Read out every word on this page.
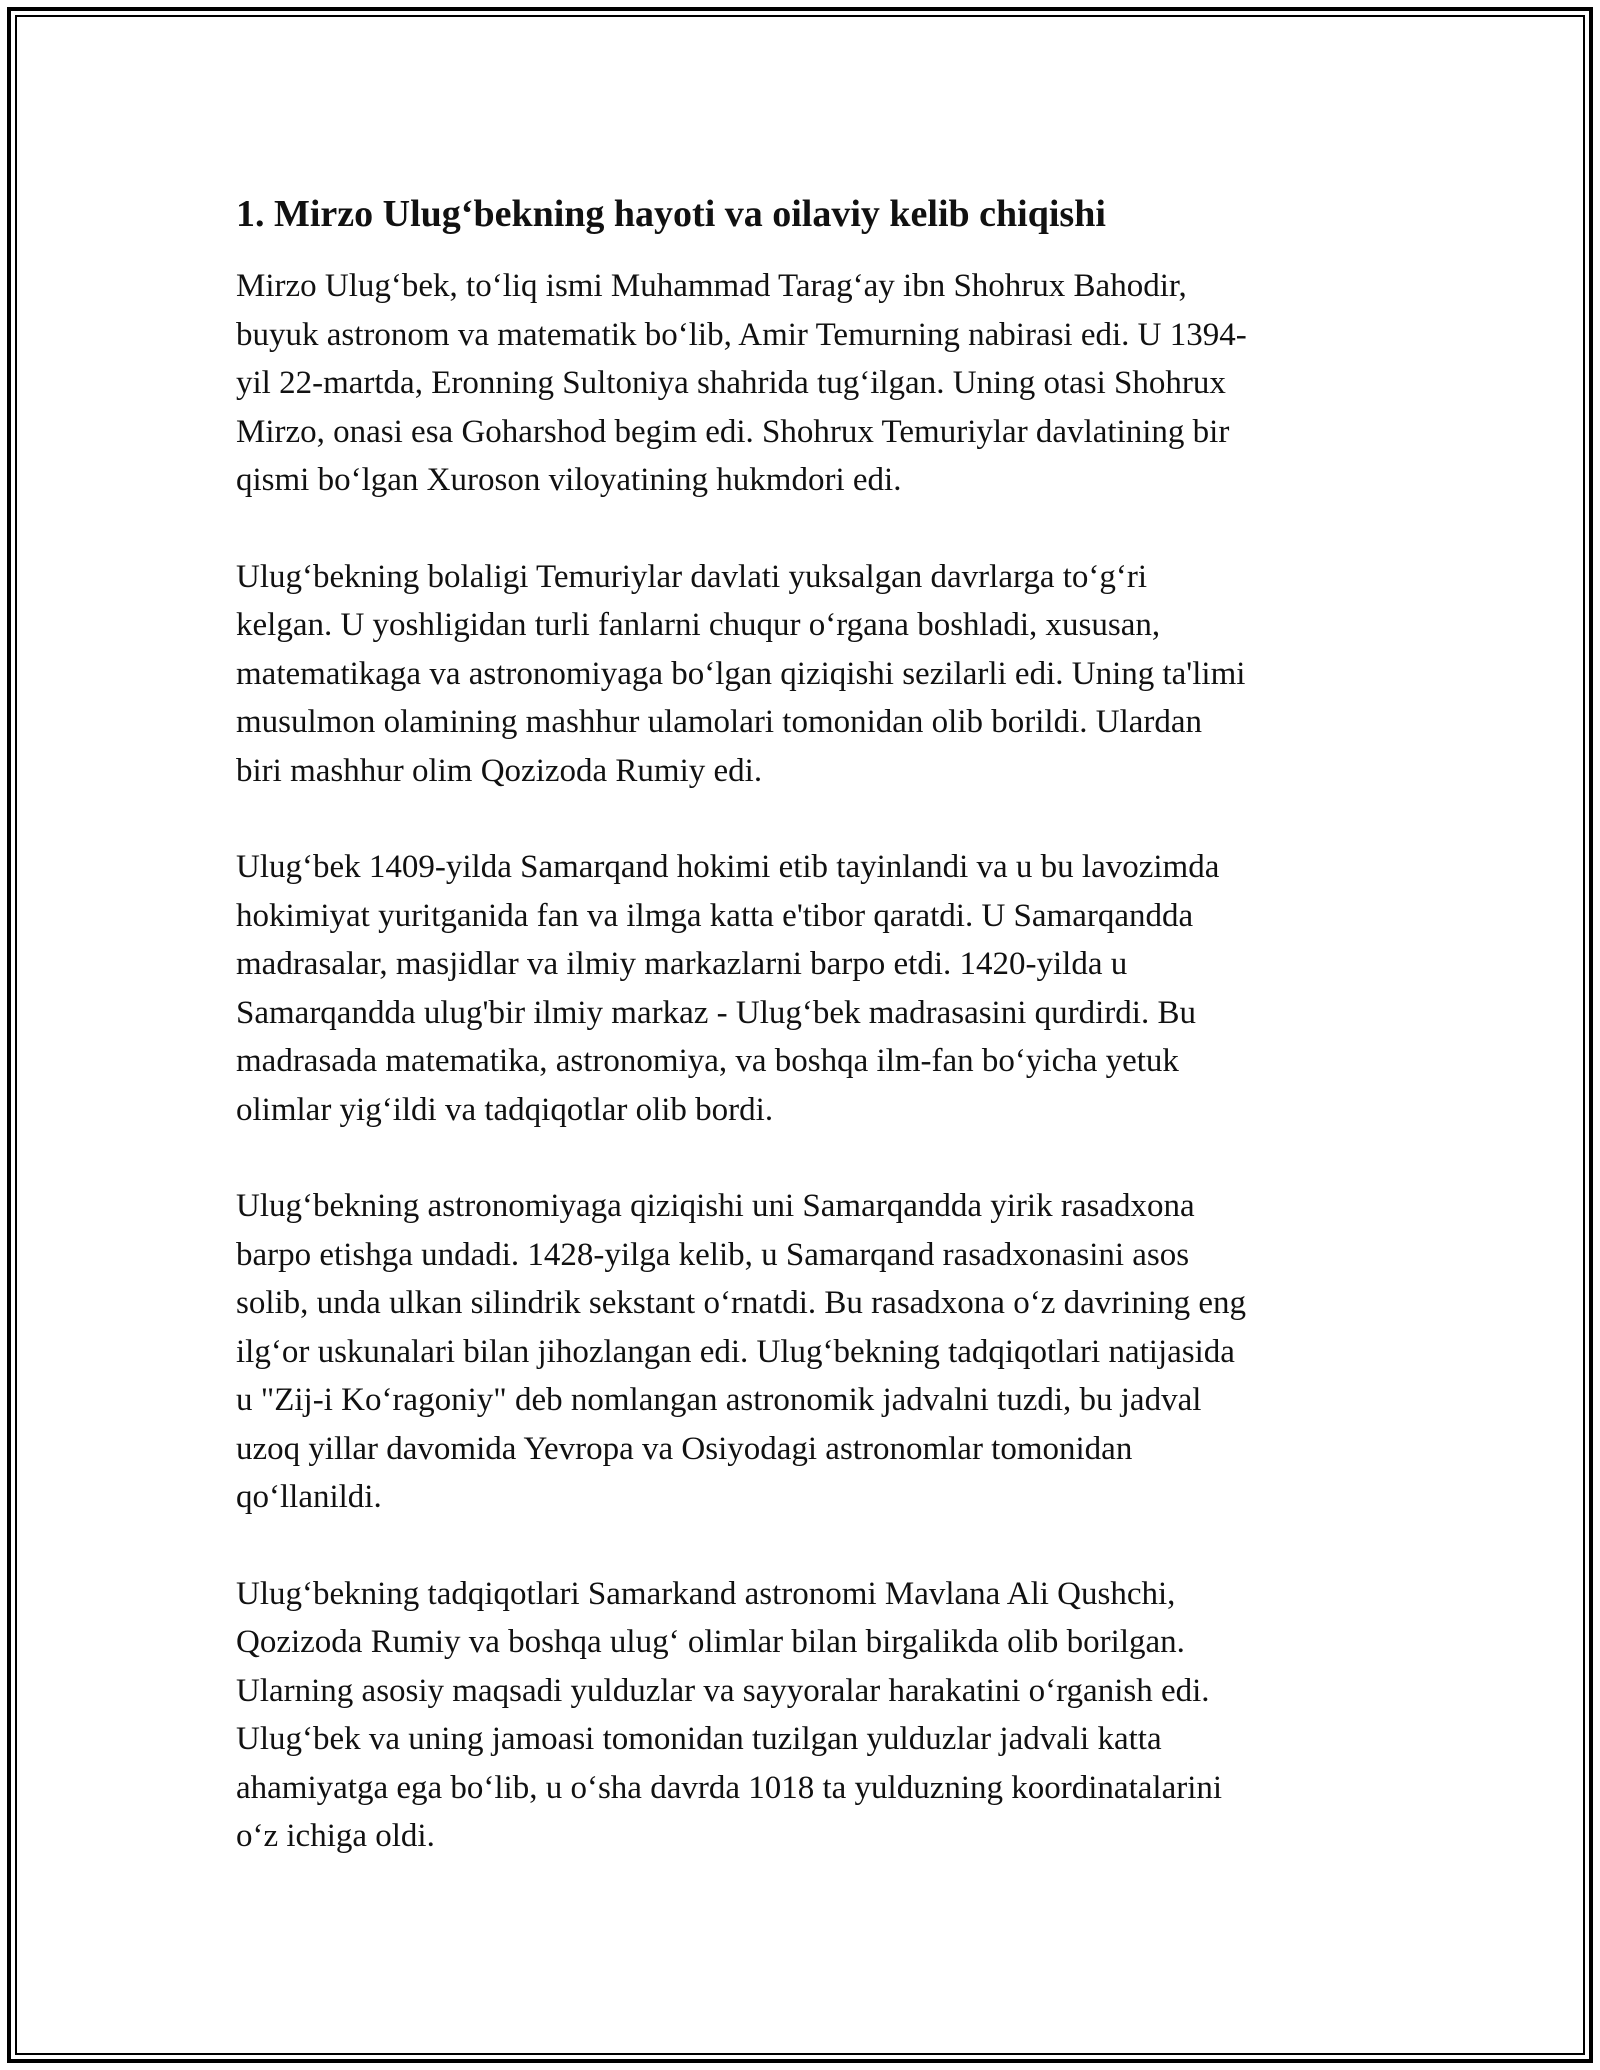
1. Mirzo Ulug‘bekning hayoti va oilaviy kelib chiqishi

Mirzo Ulug‘bek, to‘liq ismi Muhammad Tarag‘ay ibn Shohrux Bahodir,
buyuk astronom va matematik bo‘lib, Amir Temurning nabirasi edi. U 1394-
yil 22-martda, Eronning Sultoniya shahrida tug‘ilgan. Uning otasi Shohrux
Mirzo, onasi esa Goharshod begim edi. Shohrux Temuriylar davlatining bir
qismi bo‘lgan Xuroson viloyatining hukmdori edi.

Ulug‘bekning bolaligi Temuriylar davlati yuksalgan davrlarga to‘g‘ri
kelgan. U yoshligidan turli fanlarni chuqur o‘rgana boshladi, xususan,
matematikaga va astronomiyaga bo‘lgan qiziqishi sezilarli edi. Uning ta'limi
musulmon olamining mashhur ulamolari tomonidan olib borildi. Ulardan
biri mashhur olim Qozizoda Rumiy edi.

Ulug‘bek 1409-yilda Samarqand hokimi etib tayinlandi va u bu lavozimda
hokimiyat yuritganida fan va ilmga katta e'tibor qaratdi. U Samarqandda
madrasalar, masjidlar va ilmiy markazlarni barpo etdi. 1420-yilda u
Samarqandda ulug'bir ilmiy markaz - Ulug‘bek madrasasini qurdirdi. Bu
madrasada matematika, astronomiya, va boshqa ilm-fan bo‘yicha yetuk
olimlar yig‘ildi va tadqiqotlar olib bordi.

Ulug‘bekning astronomiyaga qiziqishi uni Samarqandda yirik rasadxona
barpo etishga undadi. 1428-yilga kelib, u Samarqand rasadxonasini asos
solib, unda ulkan silindrik sekstant o‘rnatdi. Bu rasadxona o‘z davrining eng
ilg‘or uskunalari bilan jihozlangan edi. Ulug‘bekning tadqiqotlari natijasida
u "Zij-i Ko‘ragoniy" deb nomlangan astronomik jadvalni tuzdi, bu jadval
uzoq yillar davomida Yevropa va Osiyodagi astronomlar tomonidan
qo‘llanildi.

Ulug‘bekning tadqiqotlari Samarkand astronomi Mavlana Ali Qushchi,
Qozizoda Rumiy va boshqa ulug‘ olimlar bilan birgalikda olib borilgan.
Ularning asosiy maqsadi yulduzlar va sayyoralar harakatini o‘rganish edi.
Ulug‘bek va uning jamoasi tomonidan tuzilgan yulduzlar jadvali katta
ahamiyatga ega bo‘lib, u o‘sha davrda 1018 ta yulduzning koordinatalarini
o‘z ichiga oldi.
